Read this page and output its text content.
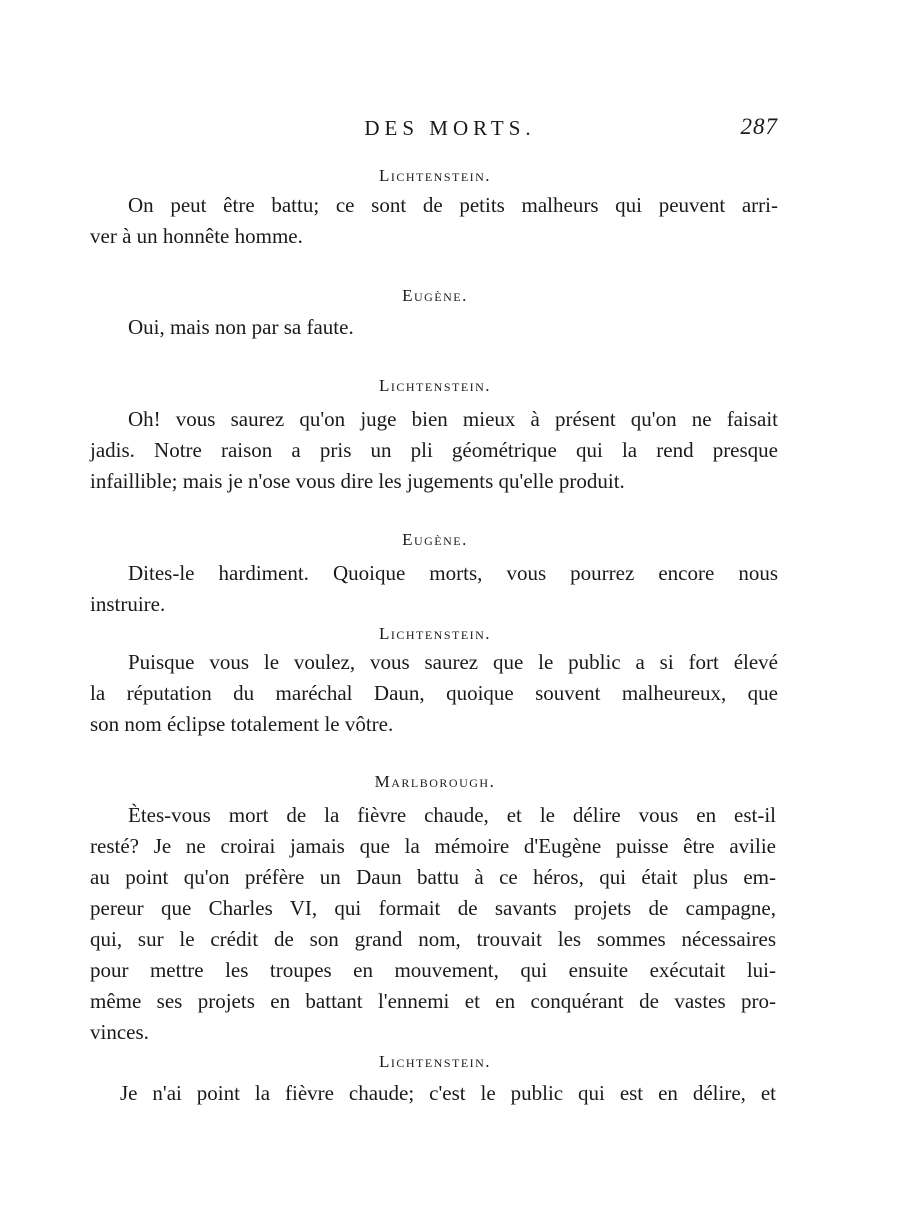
DES MORTS.	287
Lichtenstein.
On peut être battu; ce sont de petits malheurs qui peuvent arri-
ver à un honnête homme.
Eugène.
Oui, mais non par sa faute.
Lichtenstein.
Oh! vous saurez qu'on juge bien mieux à présent qu'on ne faisait
jadis. Notre raison a pris un pli géométrique qui la rend presque
infaillible; mais je n'ose vous dire les jugements qu'elle produit.
Eugène.
Dites-le hardiment. Quoique morts, vous pourrez encore nous
instruire.
Lichtenstein.
Puisque vous le voulez, vous saurez que le public a si fort élevé
la réputation du maréchal Daun, quoique souvent malheureux, que
son nom éclipse totalement le vôtre.
Marlborough.
Ètes-vous mort de la fièvre chaude, et le délire vous en est-il
resté? Je ne croirai jamais que la mémoire d'Eugène puisse être avilie
au point qu'on préfère un Daun battu à ce héros, qui était plus em-
pereur que Charles VI, qui formait de savants projets de campagne,
qui, sur le crédit de son grand nom, trouvait les sommes nécessaires
pour mettre les troupes en mouvement, qui ensuite exécutait lui-
même ses projets en battant l'ennemi et en conquérant de vastes pro-
vinces.
Lichtenstein.
Je n'ai point la fièvre chaude; c'est le public qui est en délire, et
